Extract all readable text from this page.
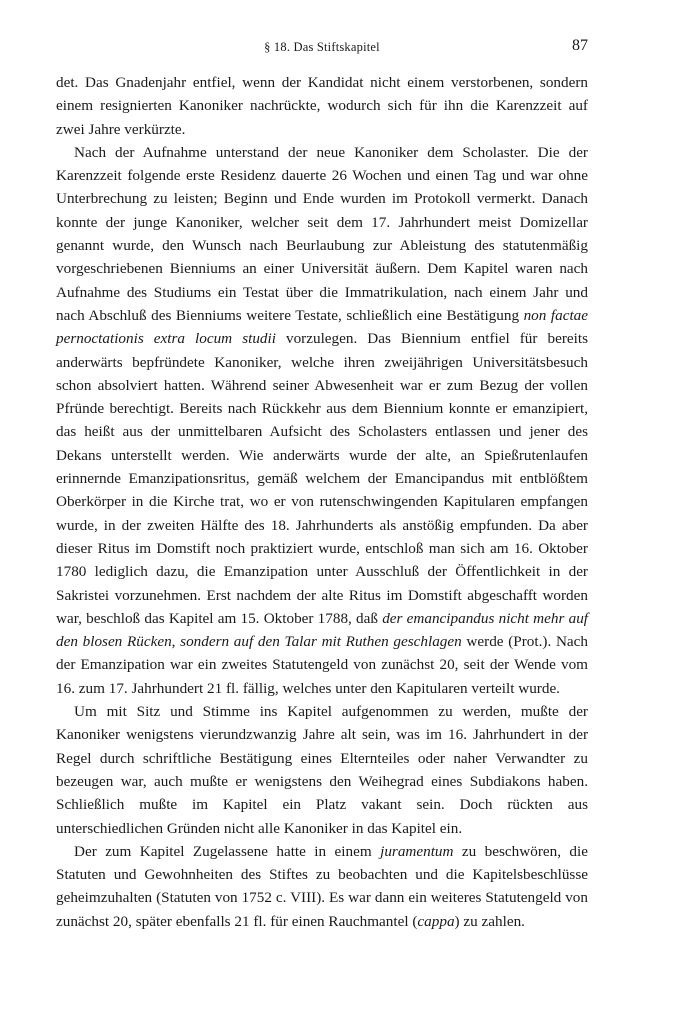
§ 18. Das Stiftskapitel	87

det. Das Gnadenjahr entfiel, wenn der Kandidat nicht einem verstorbenen, sondern einem resignierten Kanoniker nachrückte, wodurch sich für ihn die Karenzzeit auf zwei Jahre verkürzte.

Nach der Aufnahme unterstand der neue Kanoniker dem Scholaster. Die der Karenzzeit folgende erste Residenz dauerte 26 Wochen und einen Tag und war ohne Unterbrechung zu leisten; Beginn und Ende wurden im Protokoll vermerkt. Danach konnte der junge Kanoniker, welcher seit dem 17. Jahrhundert meist Domizellar genannt wurde, den Wunsch nach Beurlaubung zur Ableistung des statutenmäßig vorgeschriebenen Bienniums an einer Universität äußern. Dem Kapitel waren nach Aufnahme des Studiums ein Testat über die Immatrikulation, nach einem Jahr und nach Abschluß des Bienniums weitere Testate, schließlich eine Bestätigung non factae pernoctationis extra locum studii vorzulegen. Das Biennium entfiel für bereits anderwärts bepfründete Kanoniker, welche ihren zweijährigen Universitätsbesuch schon absolviert hatten. Während seiner Abwesenheit war er zum Bezug der vollen Pfründe berechtigt. Bereits nach Rückkehr aus dem Biennium konnte er emanzipiert, das heißt aus der unmittelbaren Aufsicht des Scholasters entlassen und jener des Dekans unterstellt werden. Wie anderwärts wurde der alte, an Spießrutenlaufen erinnernde Emanzipationsritus, gemäß welchem der Emancipandus mit entblößtem Oberkörper in die Kirche trat, wo er von rutenschwingenden Kapitularen empfangen wurde, in der zweiten Hälfte des 18. Jahrhunderts als anstößig empfunden. Da aber dieser Ritus im Domstift noch praktiziert wurde, entschloß man sich am 16. Oktober 1780 lediglich dazu, die Emanzipation unter Ausschluß der Öffentlichkeit in der Sakristei vorzunehmen. Erst nachdem der alte Ritus im Domstift abgeschafft worden war, beschloß das Kapitel am 15. Oktober 1788, daß der emancipandus nicht mehr auf den blosen Rücken, sondern auf den Talar mit Ruthen geschlagen werde (Prot.). Nach der Emanzipation war ein zweites Statutengeld von zunächst 20, seit der Wende vom 16. zum 17. Jahrhundert 21 fl. fällig, welches unter den Kapitularen verteilt wurde.

Um mit Sitz und Stimme ins Kapitel aufgenommen zu werden, mußte der Kanoniker wenigstens vierundzwanzig Jahre alt sein, was im 16. Jahrhundert in der Regel durch schriftliche Bestätigung eines Elternteiles oder naher Verwandter zu bezeugen war, auch mußte er wenigstens den Weihegrad eines Subdiakons haben. Schließlich mußte im Kapitel ein Platz vakant sein. Doch rückten aus unterschiedlichen Gründen nicht alle Kanoniker in das Kapitel ein.

Der zum Kapitel Zugelassene hatte in einem juramentum zu beschwören, die Statuten und Gewohnheiten des Stiftes zu beobachten und die Kapitelsbeschlüsse geheimzuhalten (Statuten von 1752 c. VIII). Es war dann ein weiteres Statutengeld von zunächst 20, später ebenfalls 21 fl. für einen Rauchmantel (cappa) zu zahlen.
